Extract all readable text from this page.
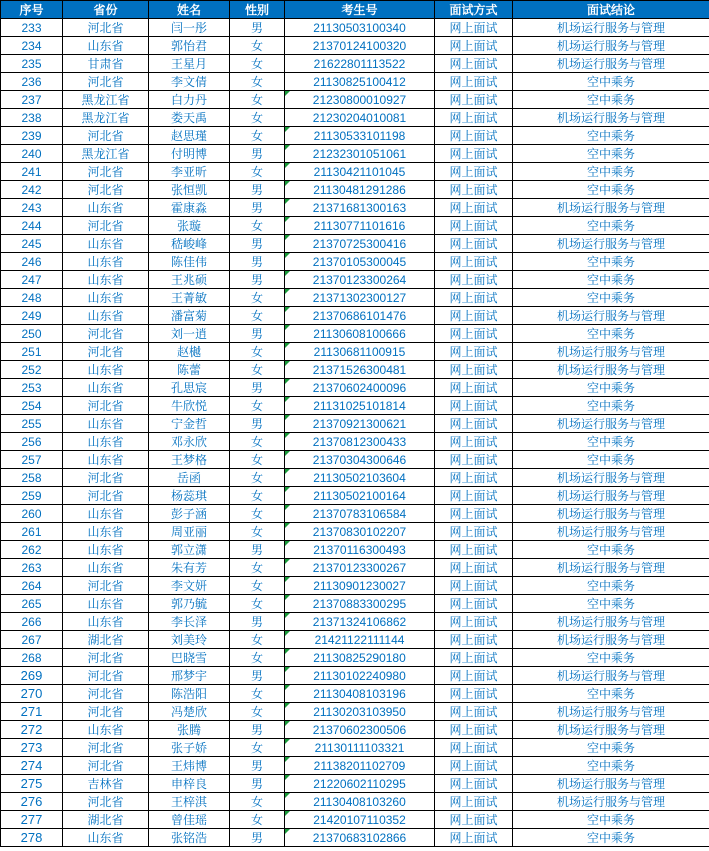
序号	省份	姓名	性别	考生号	面试方式	面试结论
233	河北省	闫一彤	男	21130503100340	网上面试	机场运行服务与管理
234	山东省	郭怡君	女	21370124100320	网上面试	机场运行服务与管理
235	甘肃省	王星月	女	21622801113522	网上面试	机场运行服务与管理
236	河北省	李文倩	女	21130825100412	网上面试	空中乘务
237	黑龙江省	白力丹	女	21230800010927	网上面试	空中乘务
238	黑龙江省	娄天禹	女	21230204010081	网上面试	机场运行服务与管理
239	河北省	赵思瑾	女	21130533101198	网上面试	空中乘务
240	黑龙江省	付明博	男	21232301051061	网上面试	空中乘务
241	河北省	李亚昕	女	21130421101045	网上面试	空中乘务
242	河北省	张恒凯	男	21130481291286	网上面试	空中乘务
243	山东省	霍康淼	男	21371681300163	网上面试	机场运行服务与管理
244	河北省	张璇	女	21130771101616	网上面试	空中乘务
245	山东省	嵇峻峰	男	21370725300416	网上面试	机场运行服务与管理
246	山东省	陈佳伟	男	21370105300045	网上面试	空中乘务
247	山东省	王兆硕	男	21370123300264	网上面试	空中乘务
248	山东省	王菁敏	女	21371302300127	网上面试	空中乘务
249	山东省	潘富菊	女	21370686101476	网上面试	机场运行服务与管理
250	河北省	刘一逍	男	21130608100666	网上面试	空中乘务
251	河北省	赵樾	女	21130681100915	网上面试	机场运行服务与管理
252	山东省	陈蕾	女	21371526300481	网上面试	机场运行服务与管理
253	山东省	孔思宸	男	21370602400096	网上面试	空中乘务
254	河北省	牛欣悦	女	21131025101814	网上面试	空中乘务
255	山东省	宁金哲	男	21370921300621	网上面试	机场运行服务与管理
256	山东省	邓永欣	女	21370812300433	网上面试	空中乘务
257	山东省	王梦格	女	21370304300646	网上面试	空中乘务
258	河北省	岳函	女	21130502103604	网上面试	机场运行服务与管理
259	河北省	杨蕊琪	女	21130502100164	网上面试	机场运行服务与管理
260	山东省	彭子涵	女	21370783106584	网上面试	机场运行服务与管理
261	山东省	周亚丽	女	21370830102207	网上面试	机场运行服务与管理
262	山东省	郭立潇	男	21370116300493	网上面试	空中乘务
263	山东省	朱有芳	女	21370123300267	网上面试	机场运行服务与管理
264	河北省	李文妍	女	21130901230027	网上面试	空中乘务
265	山东省	郭乃毓	女	21370883300295	网上面试	空中乘务
266	山东省	李长泽	男	21371324106862	网上面试	机场运行服务与管理
267	湖北省	刘美玲	女	21421122111144	网上面试	机场运行服务与管理
268	河北省	巴晓雪	女	21130825290180	网上面试	空中乘务
269	河北省	邢梦宇	男	21130102240980	网上面试	机场运行服务与管理
270	河北省	陈浩阳	女	21130408103196	网上面试	空中乘务
271	河北省	冯楚欣	女	21130203103950	网上面试	机场运行服务与管理
272	山东省	张腾	男	21370602300506	网上面试	机场运行服务与管理
273	河北省	张子娇	女	21130111103321	网上面试	空中乘务
274	河北省	王炜博	男	21138201102709	网上面试	空中乘务
275	吉林省	申梓良	男	21220602110295	网上面试	机场运行服务与管理
276	河北省	王梓淇	女	21130408103260	网上面试	机场运行服务与管理
277	湖北省	曾佳瑶	女	21420107110352	网上面试	空中乘务
278	山东省	张铭浩	男	21370683102866	网上面试	空中乘务
